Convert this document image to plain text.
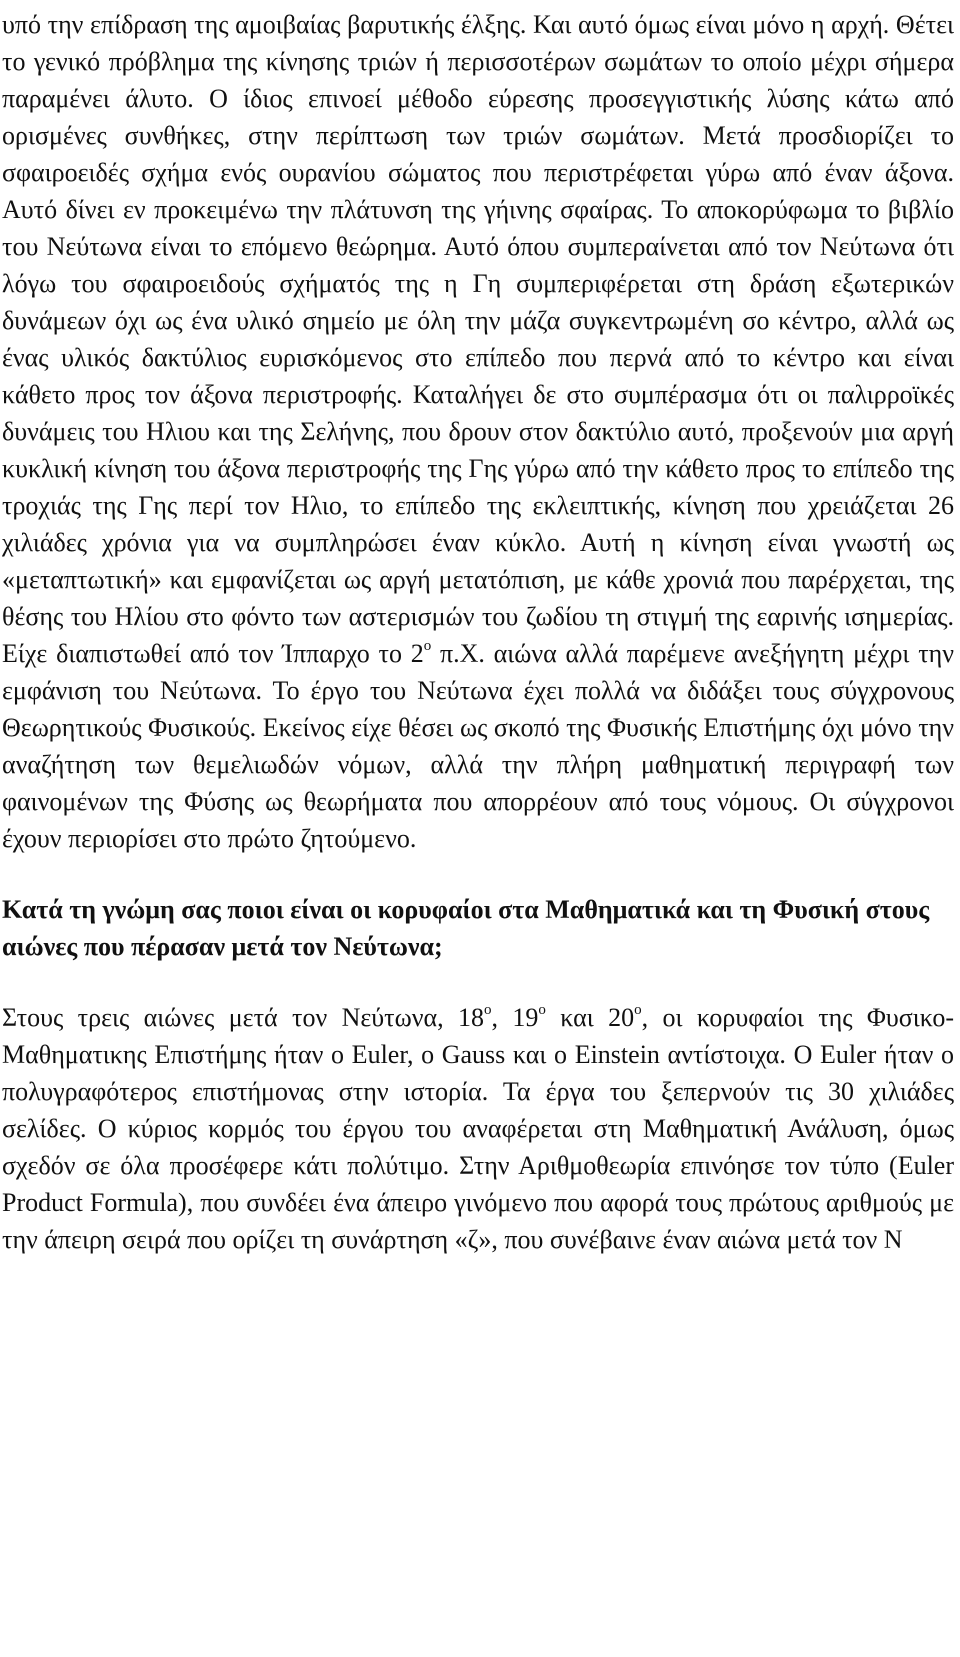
υπό την επίδραση της αμοιβαίας βαρυτικής έλξης. Και αυτό όμως είναι μόνο η αρχή. Θέτει το γενικό πρόβλημα της κίνησης τριών ή περισσοτέρων σωμάτων το οποίο μέχρι σήμερα παραμένει άλυτο. Ο ίδιος επινοεί μέθοδο εύρεσης προσεγγιστικής λύσης κάτω από ορισμένες συνθήκες, στην περίπτωση των τριών σωμάτων. Μετά προσδιορίζει το σφαιροειδές σχήμα ενός ουρανίου σώματος που περιστρέφεται γύρω από έναν άξονα. Αυτό δίνει εν προκειμένω την πλάτυνση της γήινης σφαίρας. Το αποκορύφωμα το βιβλίο του Νεύτωνα είναι το επόμενο θεώρημα. Αυτό όπου συμπεραίνεται από τον Νεύτωνα ότι λόγω του σφαιροειδούς σχήματός της η Γη συμπεριφέρεται στη δράση εξωτερικών δυνάμεων όχι ως ένα υλικό σημείο με όλη την μάζα συγκεντρωμένη σο κέντρο, αλλά ως ένας υλικός δακτύλιος ευρισκόμενος στο επίπεδο που περνά από το κέντρο και είναι κάθετο προς τον άξονα περιστροφής. Καταλήγει δε στο συμπέρασμα ότι οι παλιρροϊκές δυνάμεις του Ηλιου και της Σελήνης, που δρουν στον δακτύλιο αυτό, προξενούν μια αργή κυκλική κίνηση του άξονα περιστροφής της Γης γύρω από την κάθετο προς το επίπεδο της τροχιάς της Γης περί τον Ηλιο, το επίπεδο της εκλειπτικής, κίνηση που χρειάζεται 26 χιλιάδες χρόνια για να συμπληρώσει έναν κύκλο. Αυτή η κίνηση είναι γνωστή ως «μεταπτωτική» και εμφανίζεται ως αργή μετατόπιση, με κάθε χρονιά που παρέρχεται, της θέσης του Ηλίου στο φόντο των αστερισμών του ζωδίου τη στιγμή της εαρινής ισημερίας. Είχε διαπιστωθεί από τον Ίππαρχο το $2^o$ π.Χ. αιώνα αλλά παρέμενε ανεξήγητη μέχρι την εμφάνιση του Νεύτωνα. Το έργο του Νεύτωνα έχει πολλά να διδάξει τους σύγχρονους Θεωρητικούς Φυσικούς. Εκείνος είχε θέσει ως σκοπό της Φυσικής Επιστήμης όχι μόνο την αναζήτηση των θεμελιωδών νόμων, αλλά την πλήρη μαθηματική περιγραφή των φαινομένων της Φύσης ως θεωρήματα που απορρέουν από τους νόμους. Οι σύγχρονοι έχουν περιορίσει στο πρώτο ζητούμενο.

Κατά τη γνώμη σας ποιοι είναι οι κορυφαίοι στα Μαθηματικά και τη Φυσική στους αιώνες που πέρασαν μετά τον Νεύτωνα;

Στους τρεις αιώνες μετά τον Νεύτωνα, $18^o$, $19^o$ και $20^o$, οι κορυφαίοι της Φυσικο-Μαθηματικης Επιστήμης ήταν ο Euler, ο Gauss και ο Einstein αντίστοιχα. Ο Euler ήταν ο πολυγραφότερος επιστήμονας στην ιστορία. Τα έργα του ξεπερνούν τις 30 χιλιάδες σελίδες. Ο κύριος κορμός του έργου του αναφέρεται στη Μαθηματική Ανάλυση, όμως σχεδόν σε όλα προσέφερε κάτι πολύτιμο. Στην Αριθμοθεωρία επινόησε τον τύπο (Euler Product Formula), που συνδέει ένα άπειρο γινόμενο που αφορά τους πρώτους αριθμούς με την άπειρη σειρά που ορίζει τη συνάρτηση «ζ», που συνέβαινε έναν αιώνα μετά τον Ν
